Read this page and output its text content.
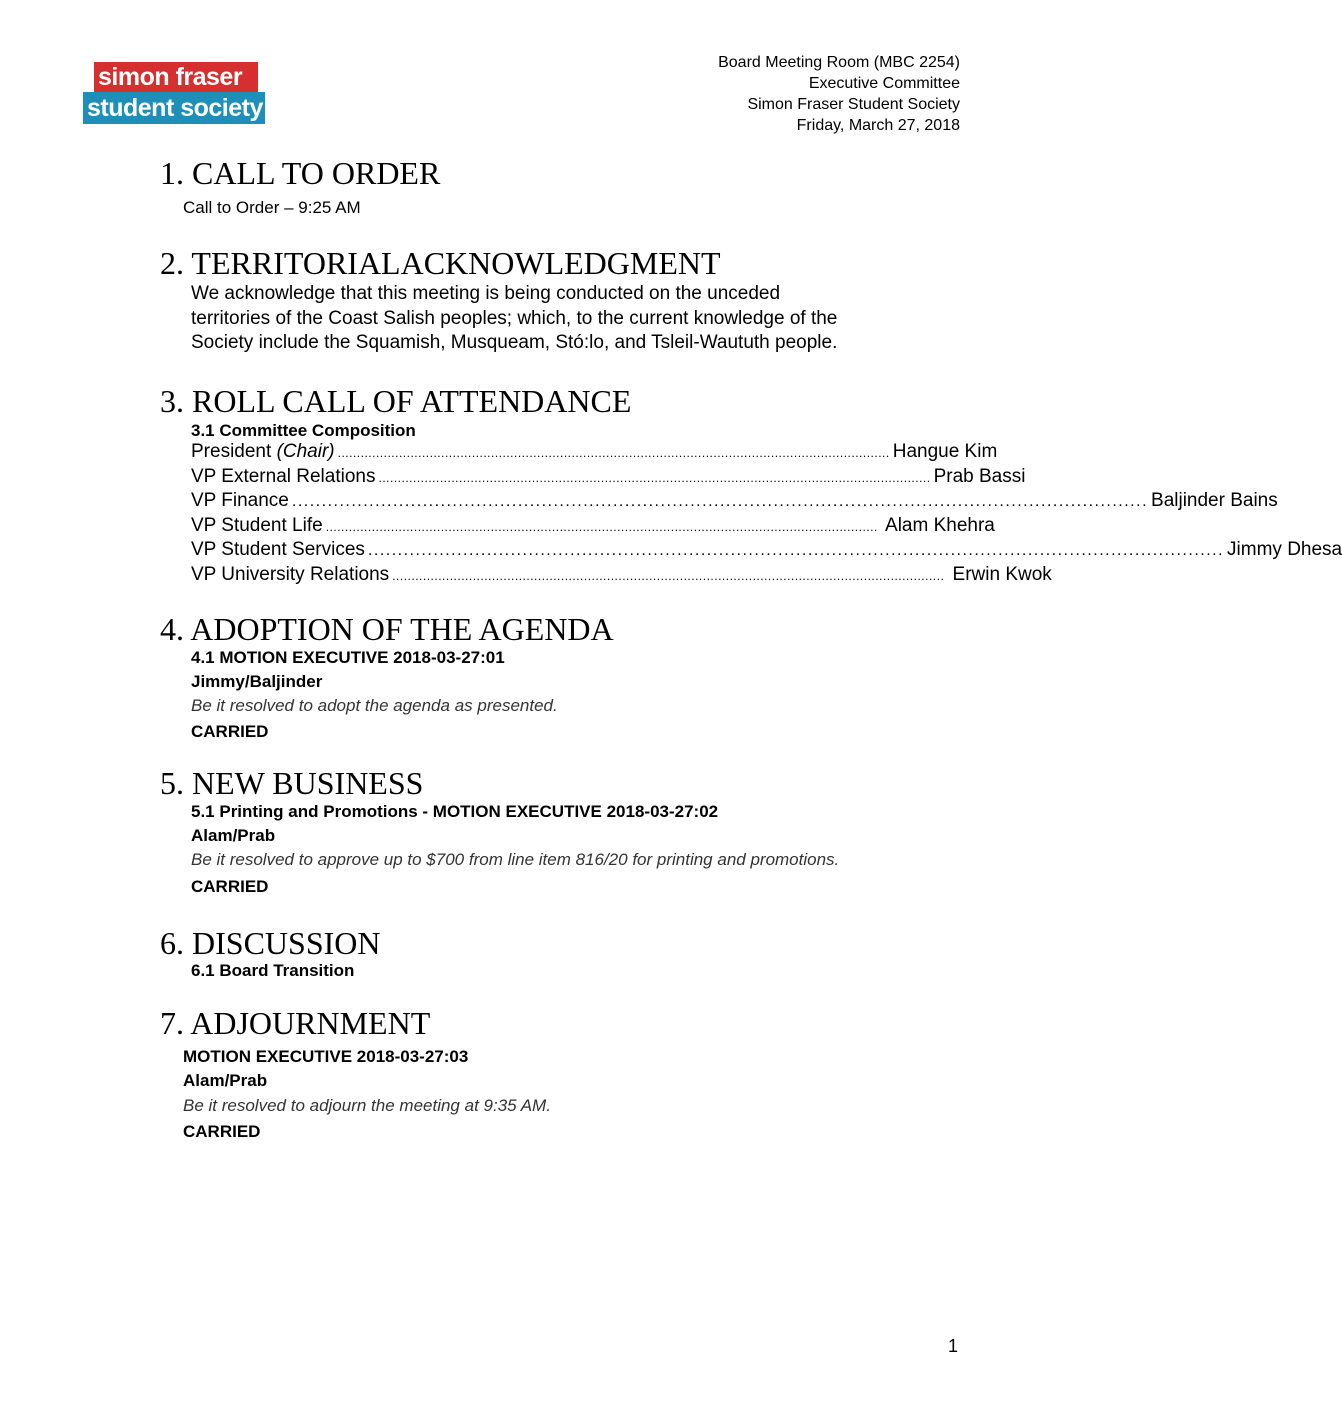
simon fraser
student society
Board Meeting Room (MBC 2254)
Executive Committee
Simon Fraser Student Society
Friday, March 27, 2018
1. CALL TO ORDER
Call to Order – 9:25 AM
2. TERRITORIALACKNOWLEDGMENT
We acknowledge that this meeting is being conducted on the unceded
territories of the Coast Salish peoples; which, to the current knowledge of the
Society include the Squamish, Musqueam, Stó:lo, and Tsleil-Waututh people.
3. ROLL CALL OF ATTENDANCE
3.1 Committee Composition
President (Chair) ................................................................................................................................................ Hangue Kim
VP External Relations ................................................................................................................................................ Prab Bassi
VP Finance ................................................................................................................................................ Baljinder Bains
VP Student Life ................................................................................................................................................ Alam Khehra
VP Student Services ................................................................................................................................................ Jimmy Dhesa
VP University Relations ................................................................................................................................................ Erwin Kwok
4. ADOPTION OF THE AGENDA
4.1 MOTION EXECUTIVE 2018-03-27:01
Jimmy/Baljinder
Be it resolved to adopt the agenda as presented.
CARRIED
5. NEW BUSINESS
5.1 Printing and Promotions - MOTION EXECUTIVE 2018-03-27:02
Alam/Prab
Be it resolved to approve up to $700 from line item 816/20 for printing and promotions.
CARRIED
6. DISCUSSION
6.1 Board Transition
7. ADJOURNMENT
MOTION EXECUTIVE 2018-03-27:03
Alam/Prab
Be it resolved to adjourn the meeting at 9:35 AM.
CARRIED
1
